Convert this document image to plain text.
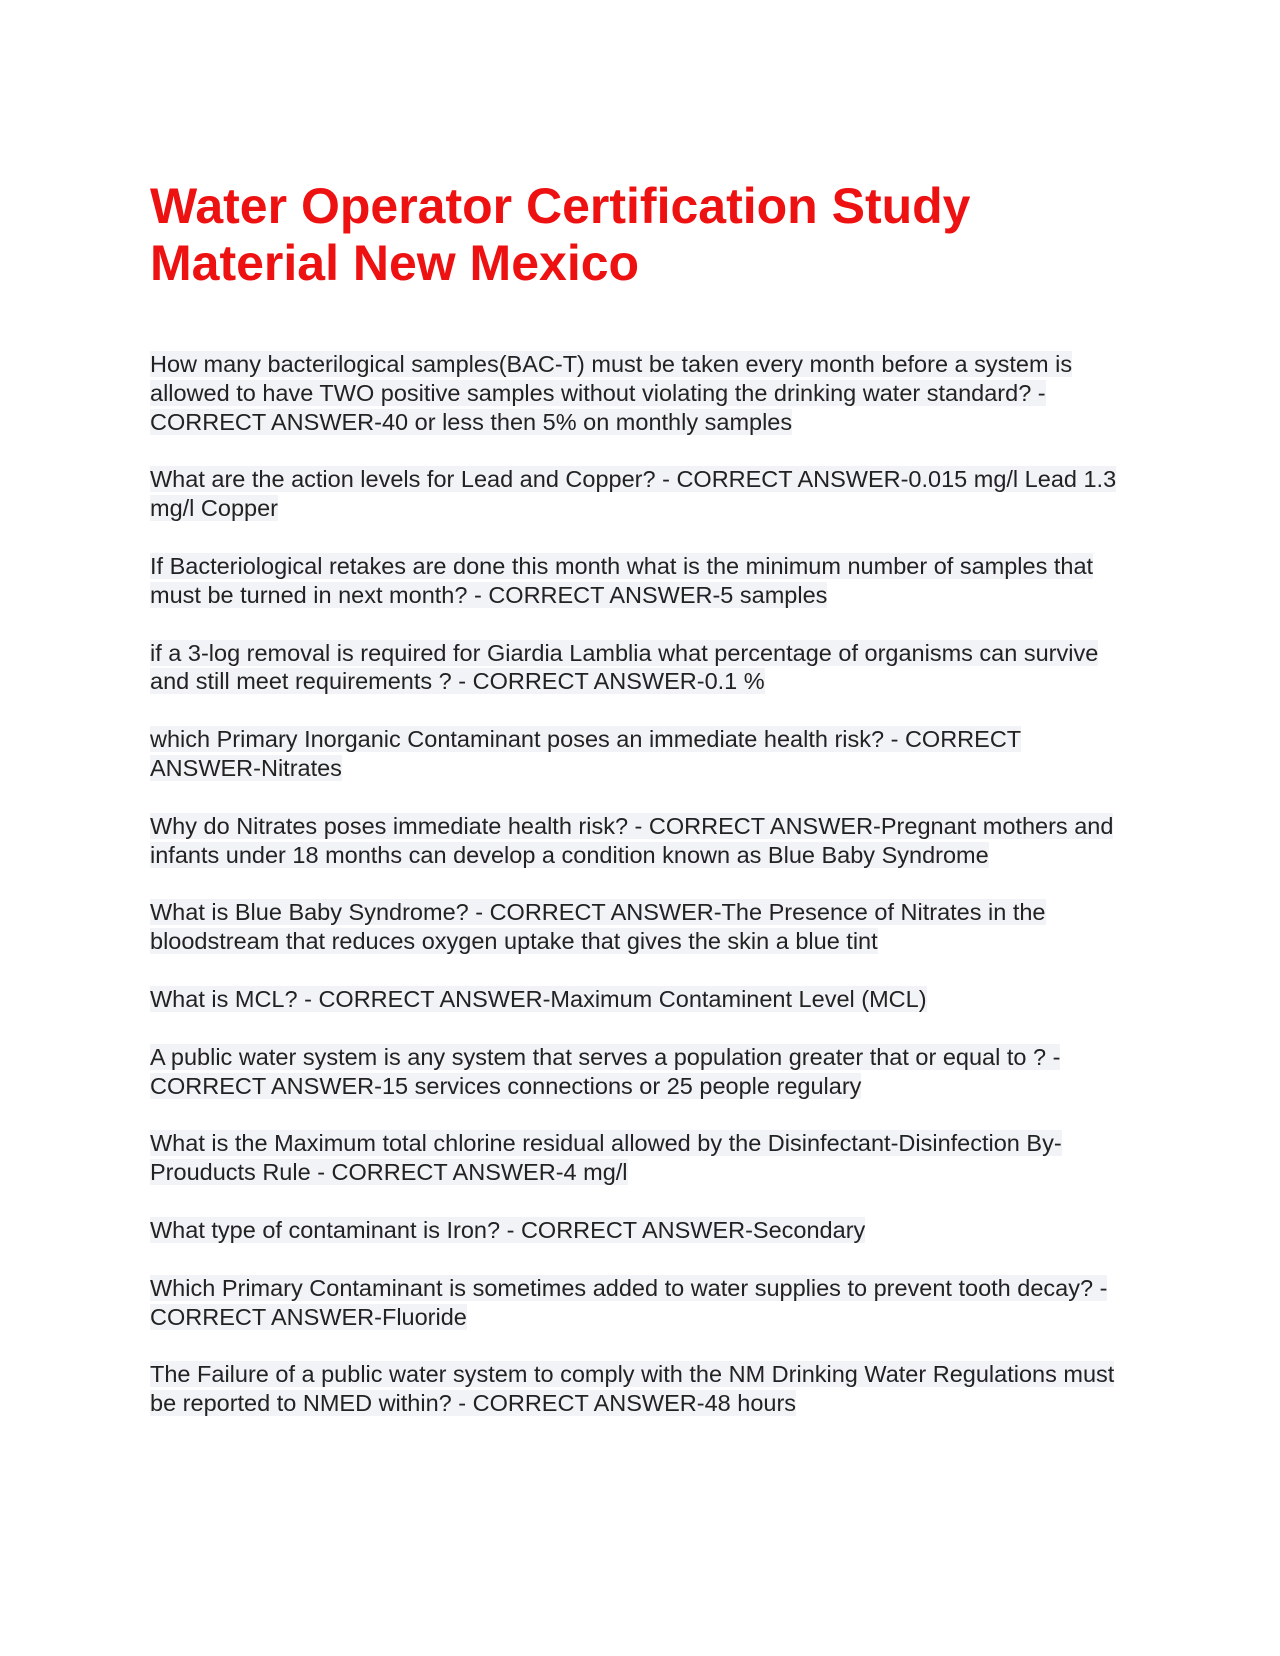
Water Operator Certification Study Material New Mexico

How many bacterilogical samples(BAC-T) must be taken every month before a system is allowed to have TWO positive samples without violating the drinking water standard? - CORRECT ANSWER-40 or less then 5% on monthly samples

What are the action levels for Lead and Copper? - CORRECT ANSWER-0.015 mg/l Lead 1.3 mg/l Copper

If Bacteriological retakes are done this month what is the minimum number of samples that must be turned in next month? - CORRECT ANSWER-5 samples

if a 3-log removal is required for Giardia Lamblia what percentage of organisms can survive and still meet requirements ? - CORRECT ANSWER-0.1 %

which Primary Inorganic Contaminant poses an immediate health risk? - CORRECT ANSWER-Nitrates

Why do Nitrates poses immediate health risk? - CORRECT ANSWER-Pregnant mothers and infants under 18 months can develop a condition known as Blue Baby Syndrome

What is Blue Baby Syndrome? - CORRECT ANSWER-The Presence of Nitrates in the bloodstream that reduces oxygen uptake that gives the skin a blue tint

What is MCL? - CORRECT ANSWER-Maximum Contaminent Level (MCL)

A public water system is any system that serves a population greater that or equal to ? - CORRECT ANSWER-15 services connections or 25 people regulary

What is the Maximum total chlorine residual allowed by the Disinfectant-Disinfection By-Prouducts Rule - CORRECT ANSWER-4 mg/l

What type of contaminant is Iron? - CORRECT ANSWER-Secondary

Which Primary Contaminant is sometimes added to water supplies to prevent tooth decay? - CORRECT ANSWER-Fluoride

The Failure of a public water system to comply with the NM Drinking Water Regulations must be reported to NMED within? - CORRECT ANSWER-48 hours
